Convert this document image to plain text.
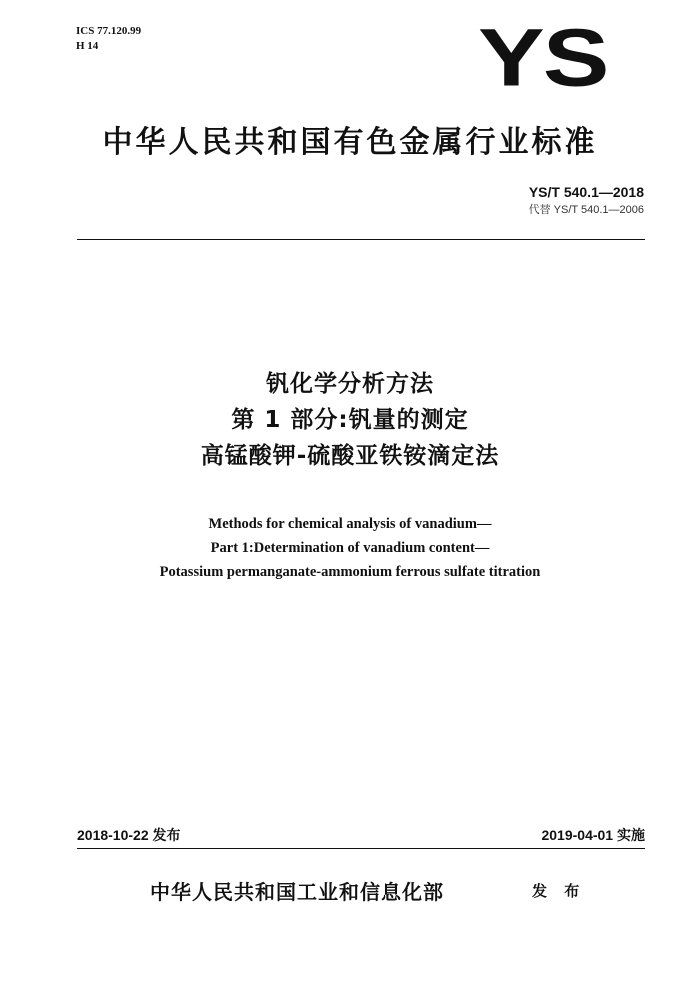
ICS 77.120.99
H 14	YS
中华人民共和国有色金属行业标准
YS/T 540.1—2018
代替 YS/T 540.1—2006
钒化学分析方法
第 1 部分:钒量的测定
高锰酸钾-硫酸亚铁铵滴定法
Methods for chemical analysis of vanadium—
Part 1:Determination of vanadium content—
Potassium permanganate-ammonium ferrous sulfate titration
2018-10-22 发布	2019-04-01 实施
中华人民共和国工业和信息化部	发 布
